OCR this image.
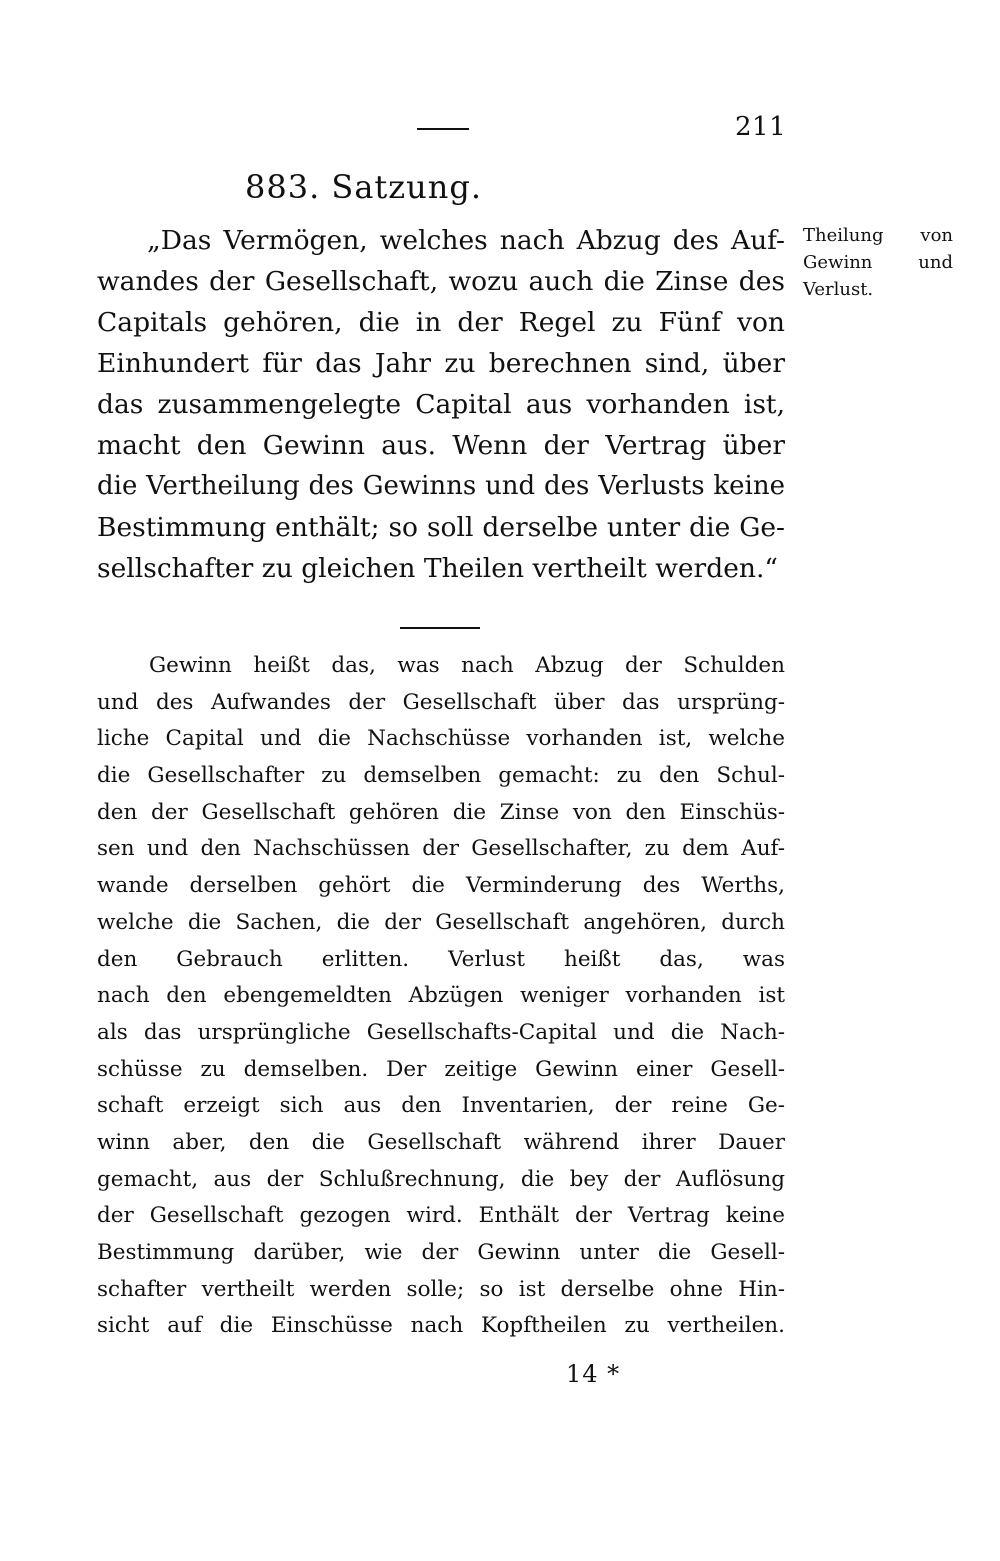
211
883. Satzung.
„Das Vermögen, welches nach Abzug des Auf-
wandes der Gesellschaft, wozu auch die Zinse des
Capitals gehören, die in der Regel zu Fünf von
Einhundert für das Jahr zu berechnen sind, über
das zusammengelegte Capital aus vorhanden ist,
macht den Gewinn aus. Wenn der Vertrag über
die Vertheilung des Gewinns und des Verlusts keine
Bestimmung enthält; so soll derselbe unter die Ge-
sellschafter zu gleichen Theilen vertheilt werden.“
Theilung von
Gewinn und
Verlust.
Gewinn heißt das, was nach Abzug der Schulden
und des Aufwandes der Gesellschaft über das ursprüng-
liche Capital und die Nachschüsse vorhanden ist, welche
die Gesellschafter zu demselben gemacht: zu den Schul-
den der Gesellschaft gehören die Zinse von den Einschüs-
sen und den Nachschüssen der Gesellschafter, zu dem Auf-
wande derselben gehört die Verminderung des Werths,
welche die Sachen, die der Gesellschaft angehören, durch
den Gebrauch erlitten. Verlust heißt das, was
nach den ebengemeldten Abzügen weniger vorhanden ist
als das ursprüngliche Gesellschafts-Capital und die Nach-
schüsse zu demselben. Der zeitige Gewinn einer Gesell-
schaft erzeigt sich aus den Inventarien, der reine Ge-
winn aber, den die Gesellschaft während ihrer Dauer
gemacht, aus der Schlußrechnung, die bey der Auflösung
der Gesellschaft gezogen wird. Enthält der Vertrag keine
Bestimmung darüber, wie der Gewinn unter die Gesell-
schafter vertheilt werden solle; so ist derselbe ohne Hin-
sicht auf die Einschüsse nach Kopftheilen zu vertheilen.
14 *
